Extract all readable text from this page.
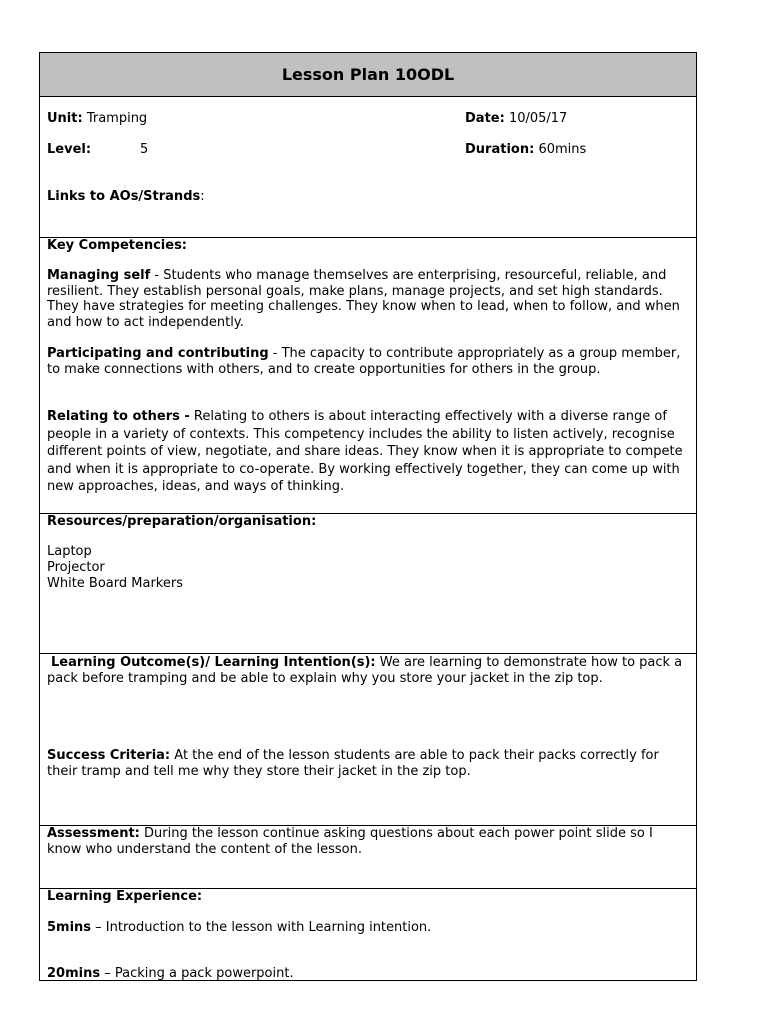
Lesson Plan 10ODL
Unit: Tramping	Date: 10/05/17
Level:	5	Duration: 60mins
Links to AOs/Strands:
Key Competencies:
Managing self - Students who manage themselves are enterprising, resourceful, reliable, and resilient. They establish personal goals, make plans, manage projects, and set high standards. They have strategies for meeting challenges. They know when to lead, when to follow, and when and how to act independently.
Participating and contributing - The capacity to contribute appropriately as a group member, to make connections with others, and to create opportunities for others in the group.
Relating to others - Relating to others is about interacting effectively with a diverse range of people in a variety of contexts. This competency includes the ability to listen actively, recognise different points of view, negotiate, and share ideas. They know when it is appropriate to compete and when it is appropriate to co-operate. By working effectively together, they can come up with new approaches, ideas, and ways of thinking.
Resources/preparation/organisation:
Laptop
Projector
White Board Markers
Learning Outcome(s)/ Learning Intention(s): We are learning to demonstrate how to pack a pack before tramping and be able to explain why you store your jacket in the zip top.
Success Criteria: At the end of the lesson students are able to pack their packs correctly for their tramp and tell me why they store their jacket in the zip top.
Assessment: During the lesson continue asking questions about each power point slide so I know who understand the content of the lesson.
Learning Experience:
5mins – Introduction to the lesson with Learning intention.
20mins – Packing a pack powerpoint.
